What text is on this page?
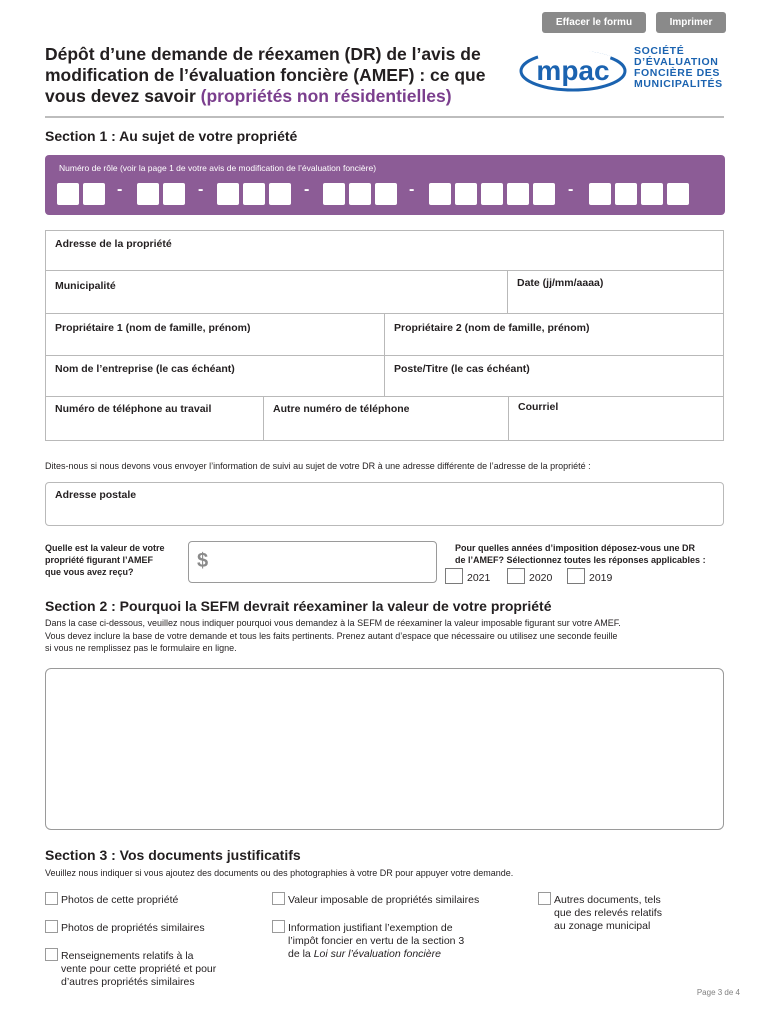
Effacer le formu	Imprimer
Dépôt d’une demande de réexamen (DR) de l’avis de modification de l’évaluation foncière (AMEF) : ce que vous devez savoir (propriétés non résidentielles)
mpac
SOCIÉTÉ
D’ÉVALUATION
FONCIÈRE DES
MUNICIPALITÉS
Section 1 : Au sujet de votre propriété
Numéro de rôle (voir la page 1 de votre avis de modification de l’évaluation foncière)
-	-	-	-	-
Adresse de la propriété
Municipalité	Date (jj/mm/aaaa)
Propriétaire 1 (nom de famille, prénom)	Propriétaire 2 (nom de famille, prénom)
Nom de l’entreprise (le cas échéant)	Poste/Titre (le cas échéant)
Numéro de téléphone au travail	Autre numéro de téléphone	Courriel
Dites-nous si nous devons vous envoyer l’information de suivi au sujet de votre DR à une adresse différente de l’adresse de la propriété :
Adresse postale
Quelle est la valeur de votre
propriété figurant l’AMEF
que vous avez reçu?	$
Pour quelles années d’imposition déposez-vous une DR
de l’AMEF? Sélectionnez toutes les réponses applicables :
2021	2020	2019
Section 2 : Pourquoi la SEFM devrait réexaminer la valeur de votre propriété
Dans la case ci-dessous, veuillez nous indiquer pourquoi vous demandez à la SEFM de réexaminer la valeur imposable figurant sur votre AMEF.
Vous devez inclure la base de votre demande et tous les faits pertinents. Prenez autant d’espace que nécessaire ou utilisez une seconde feuille
si vous ne remplissez pas le formulaire en ligne.
Section 3 : Vos documents justificatifs
Veuillez nous indiquer si vous ajoutez des documents ou des photographies à votre DR pour appuyer votre demande.
Photos de cette propriété
Photos de propriétés similaires
Renseignements relatifs à la
vente pour cette propriété et pour
d’autres propriétés similaires
Valeur imposable de propriétés similaires
Information justifiant l’exemption de
l’impôt foncier en vertu de la section 3
de la Loi sur l’évaluation foncière
Autres documents, tels
que des relevés relatifs
au zonage municipal
Page 3 de 4
